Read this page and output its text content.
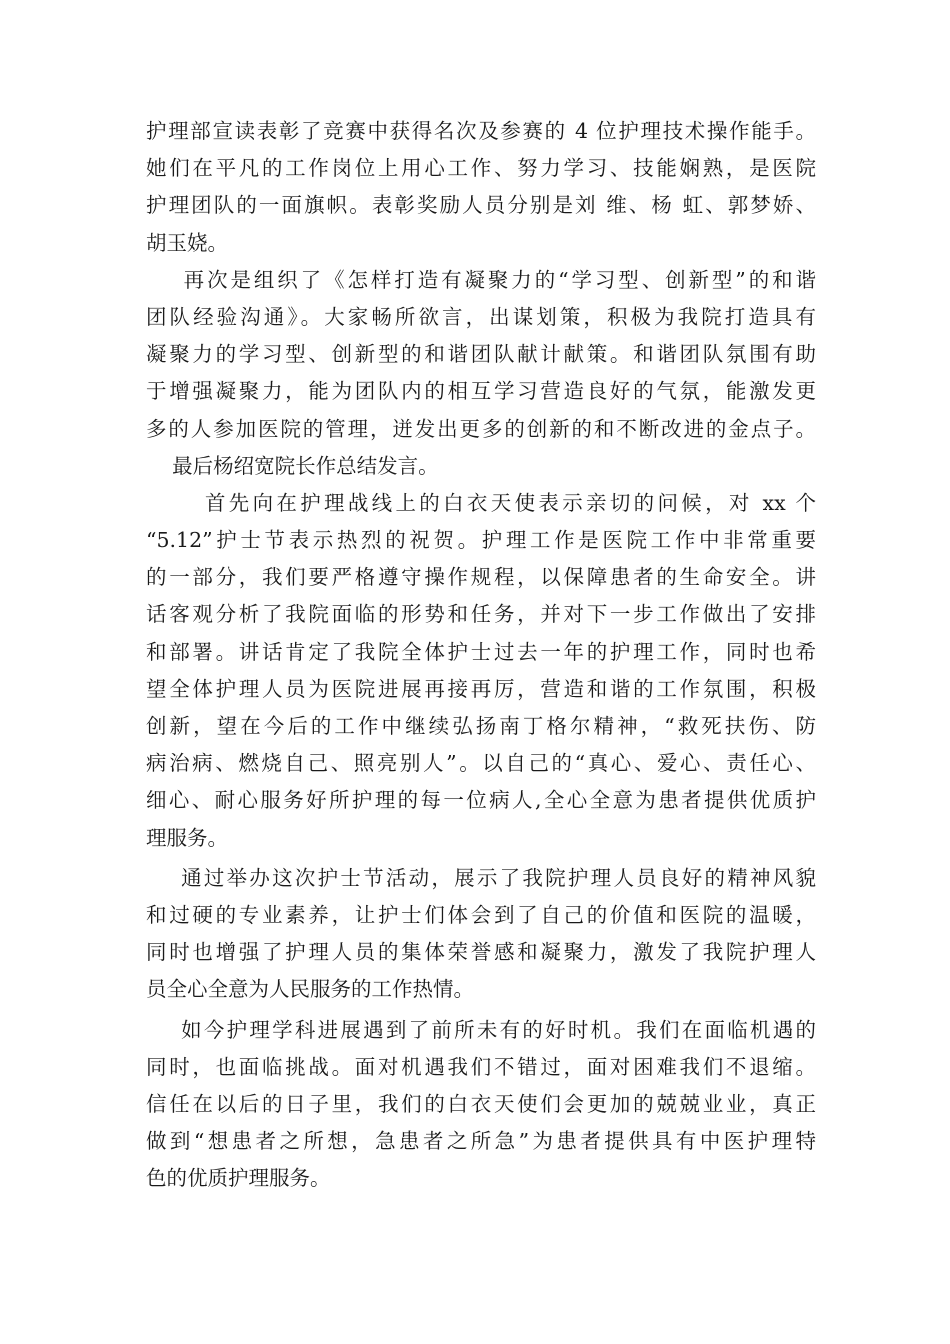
护理部宣读表彰了竞赛中获得名次及参赛的 4 位护理技术操作能手。
她们在平凡的工作岗位上用心工作、努力学习、技能娴熟，是医院
护理团队的一面旗帜。表彰奖励人员分别是刘 维、杨 虹、郭梦娇、
胡玉娆。
再次是组织了《怎样打造有凝聚力的“学习型、创新型”的和谐
团队经验沟通》。大家畅所欲言，出谋划策，积极为我院打造具有
凝聚力的学习型、创新型的和谐团队献计献策。和谐团队氛围有助
于增强凝聚力，能为团队内的相互学习营造良好的气氛，能激发更
多的人参加医院的管理，迸发出更多的创新的和不断改进的金点子。
最后杨绍宽院长作总结发言。
首先向在护理战线上的白衣天使表示亲切的问候，对 xx 个
“5.12”护士节表示热烈的祝贺。护理工作是医院工作中非常重要
的一部分，我们要严格遵守操作规程，以保障患者的生命安全。讲
话客观分析了我院面临的形势和任务，并对下一步工作做出了安排
和部署。讲话肯定了我院全体护士过去一年的护理工作，同时也希
望全体护理人员为医院进展再接再厉，营造和谐的工作氛围，积极
创新，望在今后的工作中继续弘扬南丁格尔精神，“救死扶伤、防
病治病、燃烧自己、照亮别人”。以自己的“真心、爱心、责任心、
细心、耐心服务好所护理的每一位病人,全心全意为患者提供优质护
理服务。
通过举办这次护士节活动，展示了我院护理人员良好的精神风貌
和过硬的专业素养，让护士们体会到了自己的价值和医院的温暖，
同时也增强了护理人员的集体荣誉感和凝聚力，激发了我院护理人
员全心全意为人民服务的工作热情。
如今护理学科进展遇到了前所未有的好时机。我们在面临机遇的
同时，也面临挑战。面对机遇我们不错过，面对困难我们不退缩。
信任在以后的日子里，我们的白衣天使们会更加的兢兢业业，真正
做到“想患者之所想，急患者之所急”为患者提供具有中医护理特
色的优质护理服务。
